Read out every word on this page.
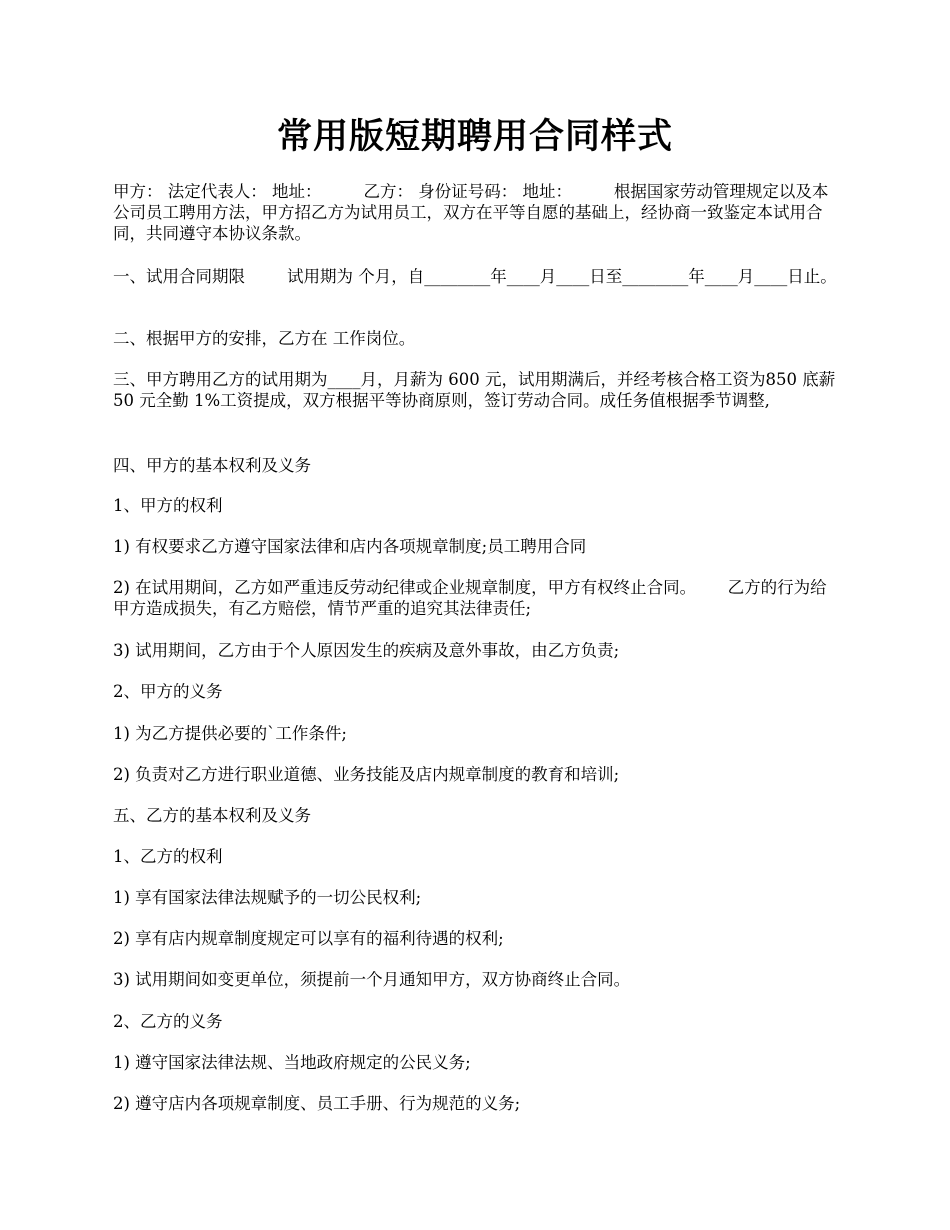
常用版短期聘用合同样式

甲方： 法定代表人： 地址：        乙方： 身份证号码： 地址：        根据国家劳动管理规定以及本公司员工聘用方法，甲方招乙方为试用员工，双方在平等自愿的基础上，经协商一致鉴定本试用合同，共同遵守本协议条款。

一、试用合同期限        试用期为 个月，自________年____月____日至________年____月____日止。

二、根据甲方的安排，乙方在 工作岗位。

三、甲方聘用乙方的试用期为____月，月薪为 600 元，试用期满后，并经考核合格工资为850 底薪 50 元全勤 1%工资提成，双方根据平等协商原则，签订劳动合同。成任务值根据季节调整,

四、甲方的基本权利及义务

1、甲方的权利

1) 有权要求乙方遵守国家法律和店内各项规章制度;员工聘用合同

2) 在试用期间，乙方如严重违反劳动纪律或企业规章制度，甲方有权终止合同。      乙方的行为给甲方造成损失，有乙方赔偿，情节严重的追究其法律责任;

3) 试用期间，乙方由于个人原因发生的疾病及意外事故，由乙方负责;

2、甲方的义务

1) 为乙方提供必要的`工作条件;

2) 负责对乙方进行职业道德、业务技能及店内规章制度的教育和培训;

五、乙方的基本权利及义务

1、乙方的权利

1) 享有国家法律法规赋予的一切公民权利;

2) 享有店内规章制度规定可以享有的福利待遇的权利;

3) 试用期间如变更单位，须提前一个月通知甲方，双方协商终止合同。

2、乙方的义务

1) 遵守国家法律法规、当地政府规定的公民义务;

2) 遵守店内各项规章制度、员工手册、行为规范的义务;
